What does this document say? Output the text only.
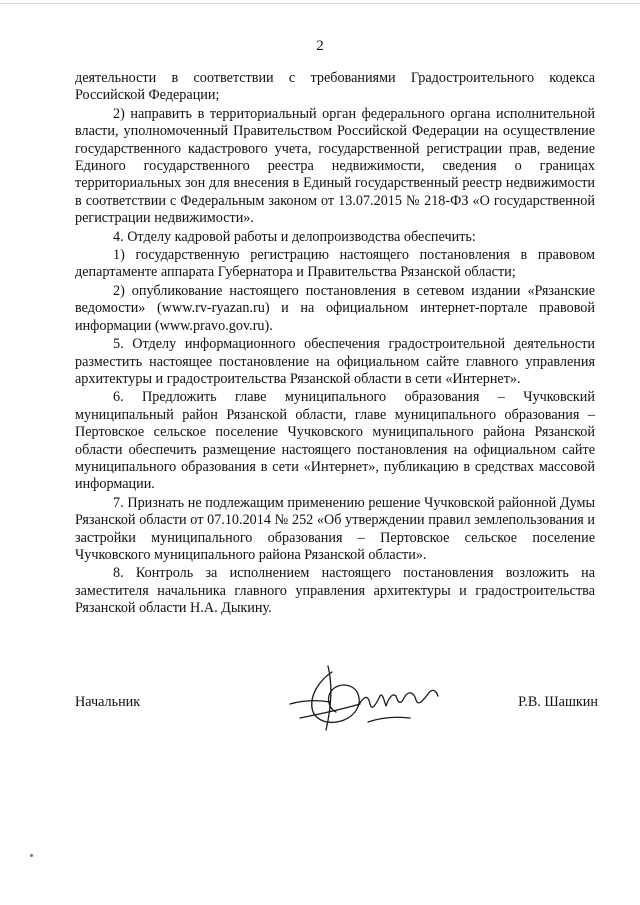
2

деятельности в соответствии с требованиями Градостроительного кодекса Российской Федерации;

2) направить в территориальный орган федерального органа исполнительной власти, уполномоченный Правительством Российской Федерации на осуществление государственного кадастрового учета, государственной регистрации прав, ведение Единого государственного реестра недвижимости, сведения о границах территориальных зон для внесения в Единый государственный реестр недвижимости в соответствии с Федеральным законом от 13.07.2015 № 218-ФЗ «О государственной регистрации недвижимости».

4. Отделу кадровой работы и делопроизводства обеспечить:

1) государственную регистрацию настоящего постановления в правовом департаменте аппарата Губернатора и Правительства Рязанской области;

2) опубликование настоящего постановления в сетевом издании «Рязанские ведомости» (www.rv-ryazan.ru) и на официальном интернет-портале правовой информации (www.pravo.gov.ru).

5. Отделу информационного обеспечения градостроительной деятельности разместить настоящее постановление на официальном сайте главного управления архитектуры и градостроительства Рязанской области в сети «Интернет».

6. Предложить главе муниципального образования – Чучковский муниципальный район Рязанской области, главе муниципального образования – Пертовское сельское поселение Чучковского муниципального района Рязанской области обеспечить размещение настоящего постановления на официальном сайте муниципального образования в сети «Интернет», публикацию в средствах массовой информации.

7. Признать не подлежащим применению решение Чучковской районной Думы Рязанской области от 07.10.2014 № 252 «Об утверждении правил землепользования и застройки муниципального образования – Пертовское сельское поселение Чучковского муниципального района Рязанской области».

8. Контроль за исполнением настоящего постановления возложить на заместителя начальника главного управления архитектуры и градостроительства Рязанской области Н.А. Дыкину.

Начальник	Р.В. Шашкин
